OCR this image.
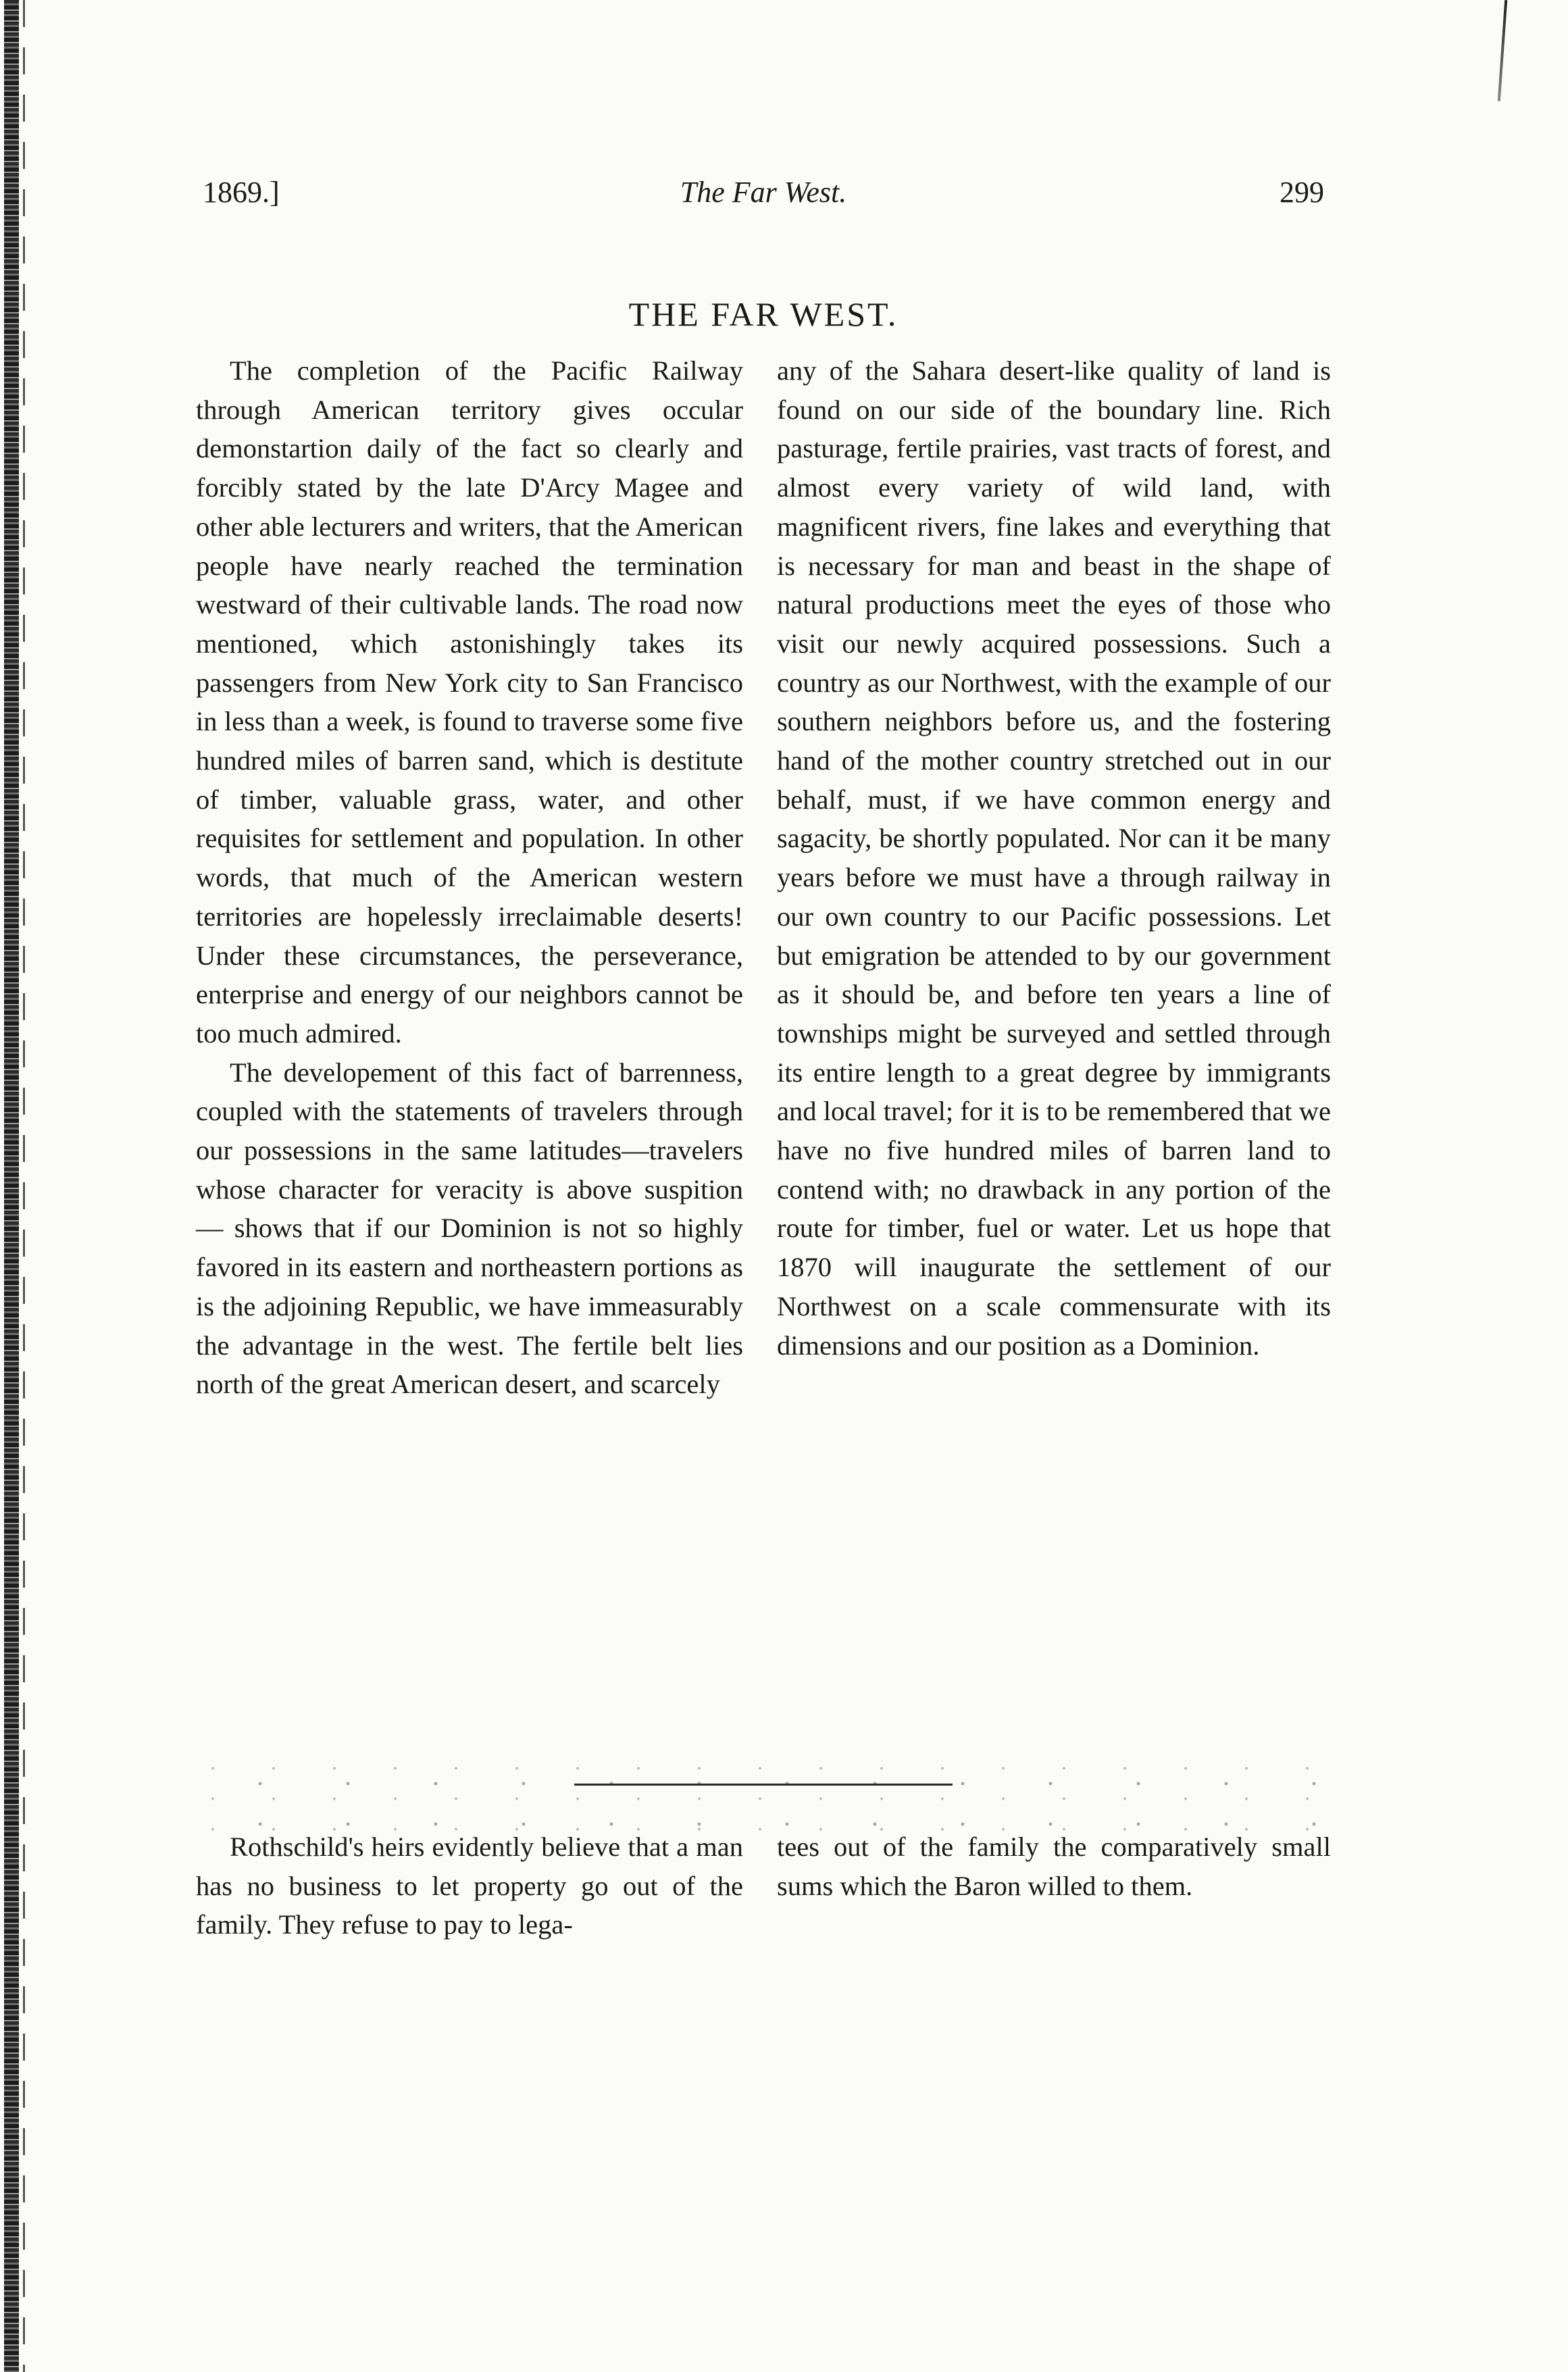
1869.]	The Far West.	299
THE FAR WEST.

The completion of the Pacific Railway through American territory gives occular demonstartion daily of the fact so clearly and forcibly stated by the late D'Arcy Magee and other able lecturers and writers, that the American people have nearly reached the termination westward of their cultivable lands. The road now mentioned, which astonishingly takes its passengers from New York city to San Francisco in less than a week, is found to traverse some five hundred miles of barren sand, which is destitute of timber, valuable grass, water, and other requisites for settlement and population. In other words, that much of the American western territories are hopelessly irreclaimable deserts! Under these circumstances, the perseverance, enterprise and energy of our neighbors cannot be too much admired.

The developement of this fact of barrenness, coupled with the statements of travelers through our possessions in the same latitudes—travelers whose character for veracity is above suspition — shows that if our Dominion is not so highly favored in its eastern and northeastern portions as is the adjoining Republic, we have immeasurably the advantage in the west. The fertile belt lies north of the great American desert, and scarcely

any of the Sahara desert-like quality of land is found on our side of the boundary line. Rich pasturage, fertile prairies, vast tracts of forest, and almost every variety of wild land, with magnificent rivers, fine lakes and everything that is necessary for man and beast in the shape of natural productions meet the eyes of those who visit our newly acquired possessions. Such a country as our Northwest, with the example of our southern neighbors before us, and the fostering hand of the mother country stretched out in our behalf, must, if we have common energy and sagacity, be shortly populated. Nor can it be many years before we must have a through railway in our own country to our Pacific possessions. Let but emigration be attended to by our government as it should be, and before ten years a line of townships might be surveyed and settled through its entire length to a great degree by immigrants and local travel; for it is to be remembered that we have no five hundred miles of barren land to contend with; no drawback in any portion of the route for timber, fuel or water. Let us hope that 1870 will inaugurate the settlement of our Northwest on a scale commensurate with its dimensions and our position as a Dominion.

Rothschild's heirs evidently believe that a man has no business to let property go out of the family. They refuse to pay to lega-

tees out of the family the comparatively small sums which the Baron willed to them.
